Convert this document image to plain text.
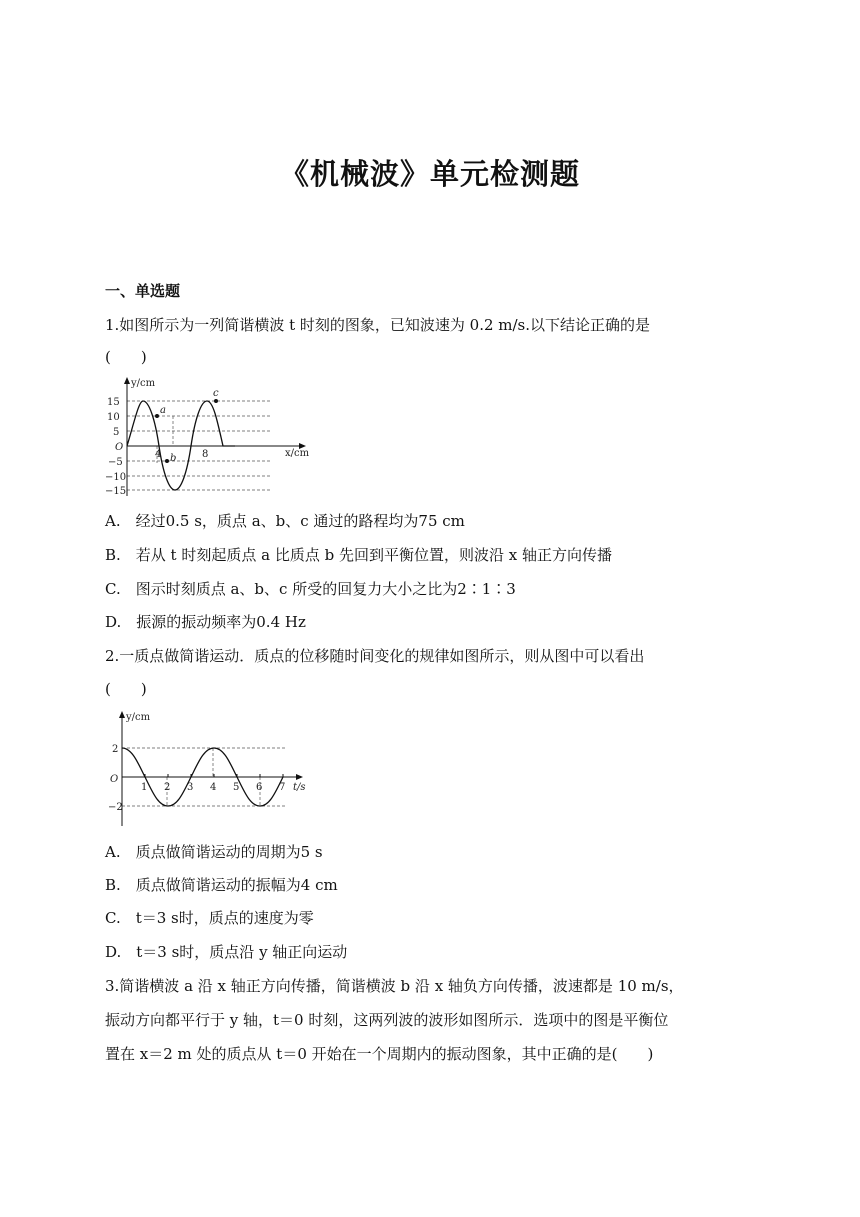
《机械波》单元检测题
一、单选题
1.如图所示为一列简谐横波 t 时刻的图象，已知波速为 0.2 m/s.以下结论正确的是
(　　)
y/cm
x/cm
15
10
5
O
−5
−10
−15
4	8
a
b
c
A.　经过0.5 s，质点 a、b、c 通过的路程均为75 cm
B.　若从 t 时刻起质点 a 比质点 b 先回到平衡位置，则波沿 x 轴正方向传播
C.　图示时刻质点 a、b、c 所受的回复力大小之比为2∶1∶3
D.　振源的振动频率为0.4 Hz
2.一质点做简谐运动．质点的位移随时间变化的规律如图所示，则从图中可以看出
(　　)
y/cm
t/s
2
O
−2
1 2 3 4 5 6 7
A.　质点做简谐运动的周期为5 s
B.　质点做简谐运动的振幅为4 cm
C.　t＝3 s时，质点的速度为零
D.　t＝3 s时，质点沿 y 轴正向运动
3.简谐横波 a 沿 x 轴正方向传播，简谐横波 b 沿 x 轴负方向传播，波速都是 10 m/s，
振动方向都平行于 y 轴，t＝0 时刻，这两列波的波形如图所示．选项中的图是平衡位
置在 x＝2 m 处的质点从 t＝0 开始在一个周期内的振动图象，其中正确的是(　　)
